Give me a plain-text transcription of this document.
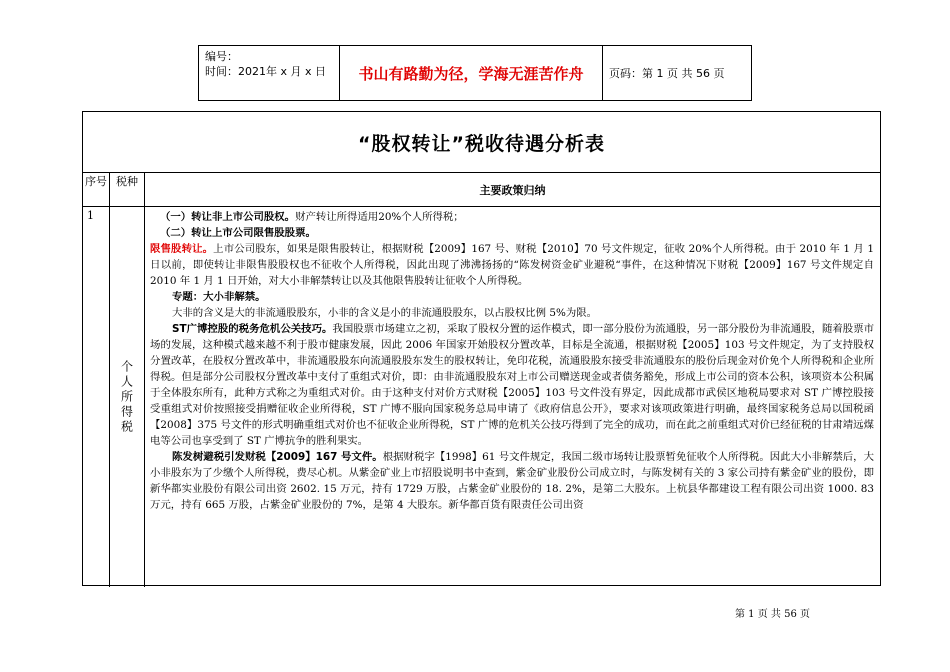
编号：
时间：2021年 x 月 x 日	书山有路勤为径，学海无涯苦作舟	页码：第 1 页 共 56 页
“股权转让”税收待遇分析表
序号 税种
主要政策归纳
1
个人所得税

（一）转让非上市公司股权。财产转让所得适用20%个人所得税；

（二）转让上市公司限售股股票。

限售股转让。上市公司股东，如果是限售股转让，根据财税【2009】167 号、财税【2010】70 号文件规定，征收 20%个人所得税。由于 2010 年 1 月 1 日以前，即使转让非限售股股权也不征收个人所得税，因此出现了沸沸扬扬的“陈发树资金矿业避税“事件，在这种情况下财税【2009】167 号文件规定自 2010 年 1 月 1 日开始，对大小非解禁转让以及其他限售股转让征收个人所得税。

专题：大小非解禁。

大非的含义是大的非流通股股东，小非的含义是小的非流通股股东，以占股权比例 5%为限。

ST广博控股的税务危机公关技巧。我国股票市场建立之初，采取了股权分置的运作模式，即一部分股份为流通股，另一部分股份为非流通股，随着股票市场的发展，这种模式越来越不利于股市健康发展，因此 2006 年国家开始股权分置改革，目标是全流通，根据财税【2005】103 号文件规定，为了支持股权分置改革，在股权分置改革中，非流通股股东向流通股股东发生的股权转让，免印花税，流通股股东接受非流通股东的股份后现金对价免个人所得税和企业所得税。但是部分公司股权分置改革中支付了重组式对价，即：由非流通股股东对上市公司赠送现金或者债务豁免，形成上市公司的资本公积，该项资本公积属于全体股东所有，此种方式称之为重组式对价。由于这种支付对价方式财税【2005】103 号文件没有界定，因此成都市武侯区地税局要求对 ST 广博控股接受重组式对价按照接受捐赠征收企业所得税，ST 广博不服向国家税务总局申请了《政府信息公开》，要求对该项政策进行明确，最终国家税务总局以国税函【2008】375 号文件的形式明确重组式对价也不征收企业所得税，ST 广博的危机关公技巧得到了完全的成功，而在此之前重组式对价已经征税的甘肃靖远煤电等公司也享受到了 ST 广博抗争的胜利果实。

陈发树避税引发财税【2009】167 号文件。根据财税字【1998】61 号文件规定，我国二级市场转让股票暂免征收个人所得税。因此大小非解禁后，大小非股东为了少缴个人所得税，费尽心机。从紫金矿业上市招股说明书中查到，紫金矿业股份公司成立时，与陈发树有关的 3 家公司持有紫金矿业的股份，即新华都实业股份有限公司出资 2602. 15 万元，持有 1729 万股，占紫金矿业股份的 18. 2%，是第二大股东。上杭县华都建设工程有限公司出资 1000. 83 万元，持有 665 万股，占紫金矿业股份的 7%，是第 4 大股东。新华都百货有限责任公司出资

第 1 页 共 56 页
